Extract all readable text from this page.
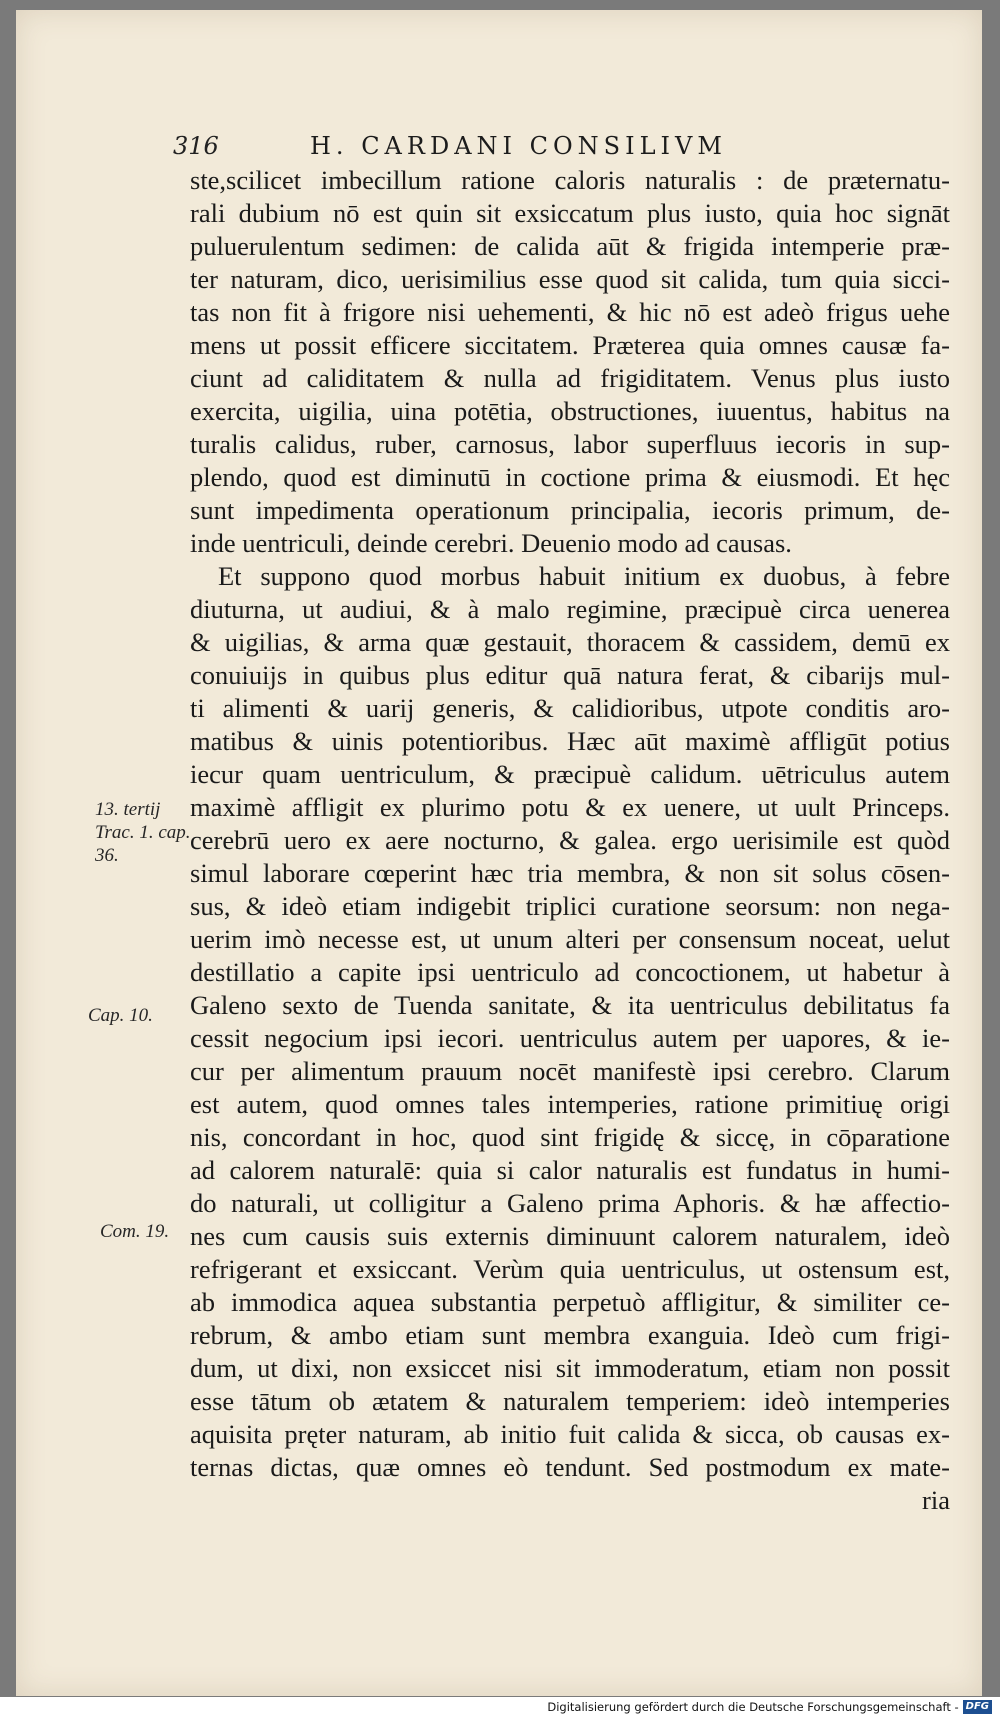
316	H. CARDANI CONSILIVM
ste,scilicet imbecillum ratione caloris naturalis : de præternatu-
rali dubium nō est quin sit exsiccatum plus iusto, quia hoc signāt
puluerulentum sedimen: de calida aūt & frigida intemperie præ-
ter naturam, dico, uerisimilius esse quod sit calida, tum quia sicci-
tas non fit à frigore nisi uehementi, & hic nō est adeò frigus uehe
mens ut possit efficere siccitatem. Præterea quia omnes causæ fa-
ciunt ad caliditatem & nulla ad frigiditatem. Venus plus iusto
exercita, uigilia, uina potētia, obstructiones, iuuentus, habitus na
turalis calidus, ruber, carnosus, labor superfluus iecoris in sup-
plendo, quod est diminutū in coctione prima & eiusmodi. Et hęc
sunt impedimenta operationum principalia, iecoris primum, de-
inde uentriculi, deinde cerebri. Deuenio modo ad causas.
Et suppono quod morbus habuit initium ex duobus, à febre
diuturna, ut audiui, & à malo regimine, præcipuè circa uenerea
& uigilias, & arma quæ gestauit, thoracem & cassidem, demū ex
conuiuijs in quibus plus editur quā natura ferat, & cibarijs mul-
ti alimenti & uarij generis, & calidioribus, utpote conditis aro-
matibus & uinis potentioribus. Hæc aūt maximè affligūt potius
iecur quam uentriculum, & præcipuè calidum. uētriculus autem
maximè affligit ex plurimo potu & ex uenere, ut uult Princeps.
cerebrū uero ex aere nocturno, & galea. ergo uerisimile est quòd
simul laborare cœperint hæc tria membra, & non sit solus cōsen-
sus, & ideò etiam indigebit triplici curatione seorsum: non nega-
uerim imò necesse est, ut unum alteri per consensum noceat, uelut
destillatio a capite ipsi uentriculo ad concoctionem, ut habetur à
Galeno sexto de Tuenda sanitate, & ita uentriculus debilitatus fa
cessit negocium ipsi iecori. uentriculus autem per uapores, & ie-
cur per alimentum prauum nocēt manifestè ipsi cerebro. Clarum
est autem, quod omnes tales intemperies, ratione primitiuę origi
nis, concordant in hoc, quod sint frigidę & siccę, in cōparatione
ad calorem naturalē: quia si calor naturalis est fundatus in humi-
do naturali, ut colligitur a Galeno prima Aphoris. & hæ affectio-
nes cum causis suis externis diminuunt calorem naturalem, ideò
refrigerant et exsiccant. Verùm quia uentriculus, ut ostensum est,
ab immodica aquea substantia perpetuò affligitur, & similiter ce-
rebrum, & ambo etiam sunt membra exanguia. Ideò cum frigi-
dum, ut dixi, non exsiccet nisi sit immoderatum, etiam non possit
esse tātum ob ætatem & naturalem temperiem: ideò intemperies
aquisita pręter naturam, ab initio fuit calida & sicca, ob causas ex-
ternas dictas, quæ omnes eò tendunt. Sed postmodum ex mate-
ria
13. tertij
Trac. 1. cap.
36.
Cap. 10.
Com. 19.
Digitalisierung gefördert durch die Deutsche Forschungsgemeinschaft - DFG
